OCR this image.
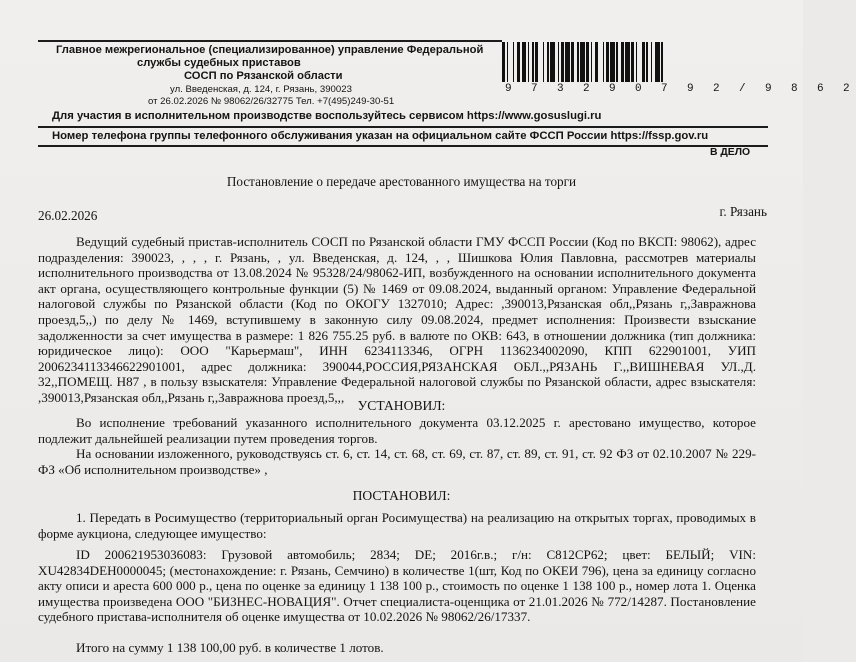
Главное межрегиональное (специализированное) управление Федеральной
службы судебных приставов
СОСП по Рязанской области
ул. Введенская, д. 124, г. Рязань, 390023
от 26.02.2026 № 98062/26/32775 Тел. +7(495)249-30-51
9 7 3 2 9 0 7 9 2 / 9 8 6 2
Для участия в исполнительном производстве воспользуйтесь сервисом https://www.gosuslugi.ru
Номер телефона группы телефонного обслуживания указан на официальном сайте ФССП России https://fssp.gov.ru
В ДЕЛО
Постановление о передаче арестованного имущества на торги
26.02.2026	г. Рязань
Ведущий судебный пристав-исполнитель СОСП по Рязанской области ГМУ ФССП России (Код по ВКСП: 98062), адрес подразделения: 390023, , , , г. Рязань, , ул. Введенская, д. 124, , , Шишкова Юлия Павловна, рассмотрев материалы исполнительного производства от 13.08.2024 № 95328/24/98062-ИП, возбужденного на основании исполнительного документа акт органа, осуществляющего контрольные функции (5) № 1469 от 09.08.2024, выданный органом: Управление Федеральной налоговой службы по Рязанской области (Код по ОКОГУ 1327010; Адрес: ,390013,Рязанская обл,,Рязань г,,Завражнова проезд,5,,) по делу № 1469, вступившему в законную силу 09.08.2024, предмет исполнения: Произвести взыскание задолженности за счет имущества в размере: 1 826 755.25 руб. в валюте по ОКВ: 643, в отношении должника (тип должника: юридическое лицо): ООО "Карьермаш", ИНН 6234113346, ОГРН 1136234002090, КПП 622901001, УИП 2006234113346622901001, адрес должника: 390044,РОССИЯ,РЯЗАНСКАЯ ОБЛ.,,РЯЗАНЬ Г.,,ВИШНЕВАЯ УЛ.,Д. 32,,ПОМЕЩ. Н87 , в пользу взыскателя: Управление Федеральной налоговой службы по Рязанской области, адрес взыскателя: ,390013,Рязанская обл,,Рязань г,,Завражнова проезд,5,,,
УСТАНОВИЛ:
Во исполнение требований указанного исполнительного документа 03.12.2025 г. арестовано имущество, которое подлежит дальнейшей реализации путем проведения торгов.
На основании изложенного, руководствуясь ст. 6, ст. 14, ст. 68, ст. 69, ст. 87, ст. 89, ст. 91, ст. 92 ФЗ от 02.10.2007 № 229-ФЗ «Об исполнительном производстве» ,
ПОСТАНОВИЛ:
1. Передать в Росимущество (территориальный орган Росимущества) на реализацию на открытых торгах, проводимых в форме аукциона, следующее имущество:
ID 200621953036083: Грузовой автомобиль; 2834; DE; 2016г.в.; г/н: С812СР62; цвет: БЕЛЫЙ; VIN: XU42834DEH0000045; (местонахождение: г. Рязань, Семчино) в количестве 1(шт, Код по ОКЕИ 796), цена за единицу согласно акту описи и ареста 600 000 р., цена по оценке за единицу 1 138 100 р., стоимость по оценке 1 138 100 р., номер лота 1. Оценка имущества произведена ООО "БИЗНЕС-НОВАЦИЯ". Отчет специалиста-оценщика от 21.01.2026 № 772/14287. Постановление судебного пристава-исполнителя об оценке имущества от 10.02.2026 № 98062/26/17337.
Итого на сумму 1 138 100,00 руб. в количестве 1 лотов.
